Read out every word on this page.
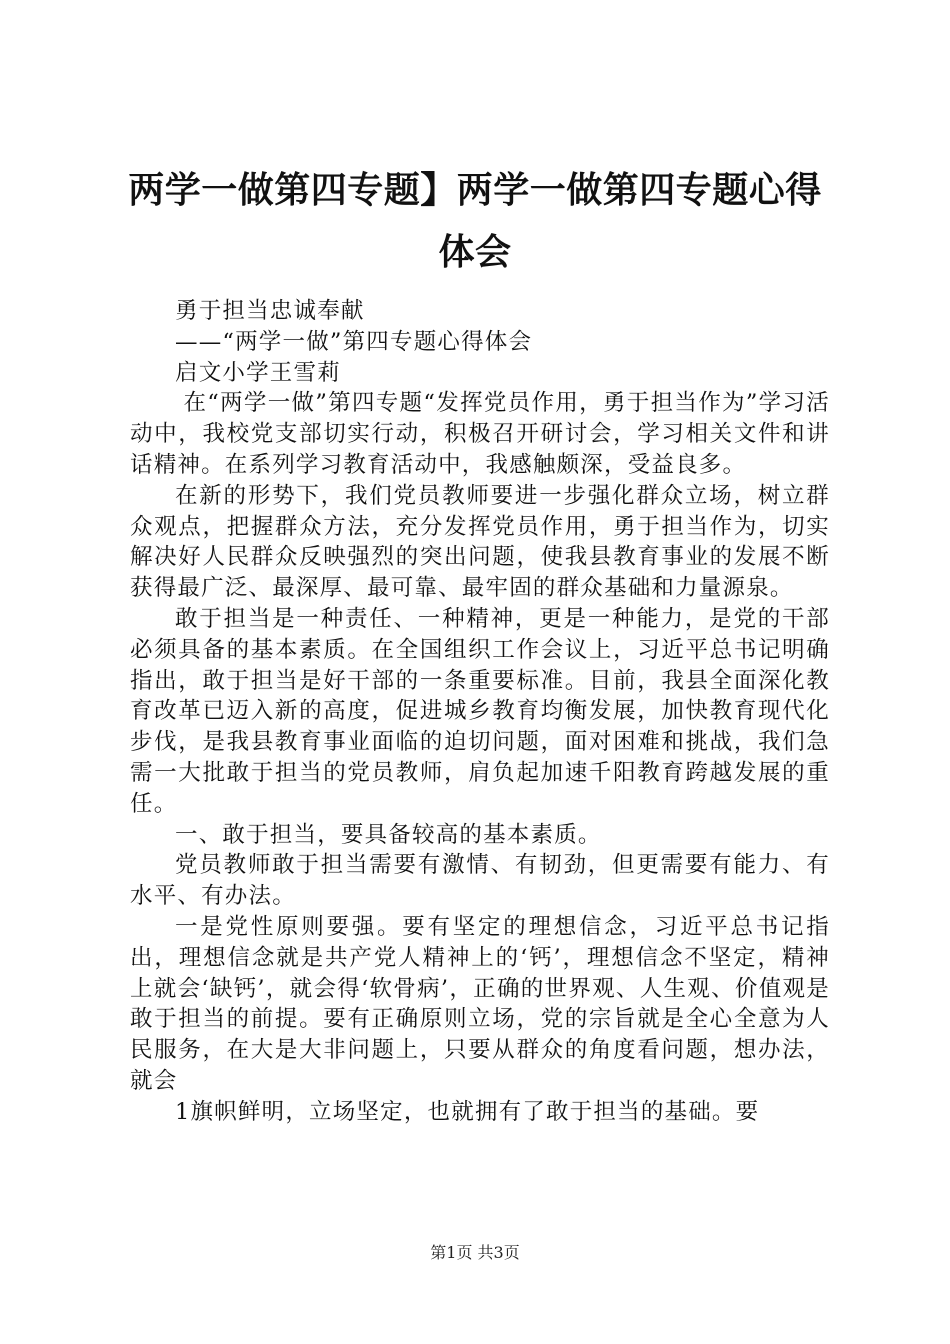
两学一做第四专题】两学一做第四专题心得体会

勇于担当忠诚奉献

——“两学一做”第四专题心得体会

启文小学王雪莉

在“两学一做”第四专题“发挥党员作用，勇于担当作为”学习活动中，我校党支部切实行动，积极召开研讨会，学习相关文件和讲话精神。在系列学习教育活动中，我感触颇深，受益良多。

在新的形势下，我们党员教师要进一步强化群众立场，树立群众观点，把握群众方法，充分发挥党员作用，勇于担当作为，切实解决好人民群众反映强烈的突出问题，使我县教育事业的发展不断获得最广泛、最深厚、最可靠、最牢固的群众基础和力量源泉。

敢于担当是一种责任、一种精神，更是一种能力，是党的干部必须具备的基本素质。在全国组织工作会议上，习近平总书记明确指出，敢于担当是好干部的一条重要标准。目前，我县全面深化教育改革已迈入新的高度，促进城乡教育均衡发展，加快教育现代化步伐，是我县教育事业面临的迫切问题，面对困难和挑战，我们急需一大批敢于担当的党员教师，肩负起加速千阳教育跨越发展的重任。

一、敢于担当，要具备较高的基本素质。

党员教师敢于担当需要有激情、有韧劲，但更需要有能力、有水平、有办法。

一是党性原则要强。要有坚定的理想信念，习近平总书记指出，理想信念就是共产党人精神上的‘钙’，理想信念不坚定，精神上就会‘缺钙’，就会得‘软骨病’，正确的世界观、人生观、价值观是敢于担当的前提。要有正确原则立场，党的宗旨就是全心全意为人民服务，在大是大非问题上，只要从群众的角度看问题，想办法，就会

1旗帜鲜明，立场坚定，也就拥有了敢于担当的基础。要

第1页 共3页
